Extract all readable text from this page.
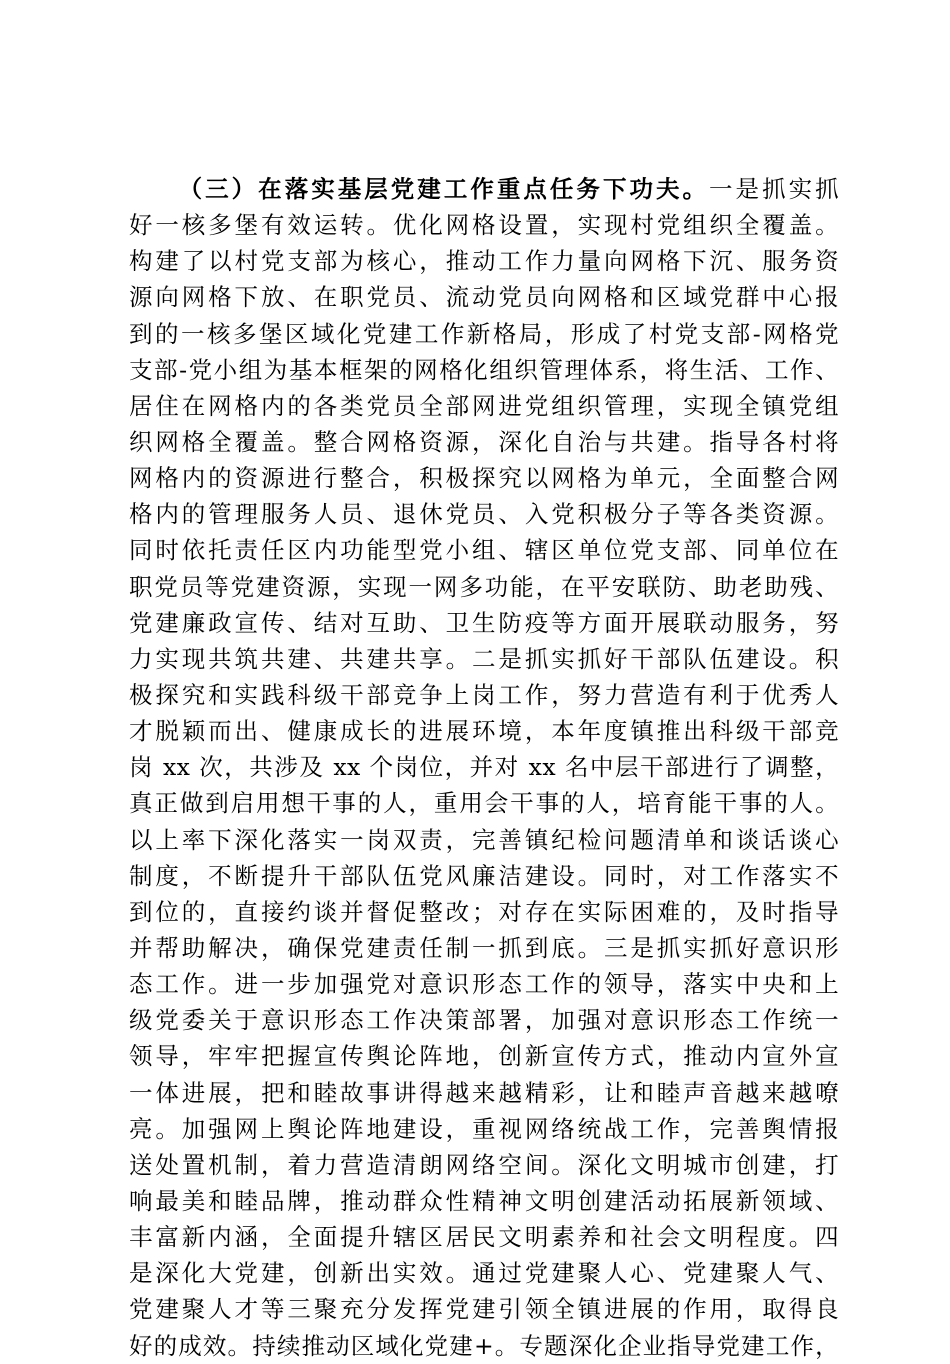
（三）在落实基层党建工作重点任务下功夫。一是抓实抓
好一核多堡有效运转。优化网格设置，实现村党组织全覆盖。
构建了以村党支部为核心，推动工作力量向网格下沉、服务资
源向网格下放、在职党员、流动党员向网格和区域党群中心报
到的一核多堡区域化党建工作新格局，形成了村党支部-网格党
支部-党小组为基本框架的网格化组织管理体系，将生活、工作、
居住在网格内的各类党员全部网进党组织管理，实现全镇党组
织网格全覆盖。整合网格资源，深化自治与共建。指导各村将
网格内的资源进行整合，积极探究以网格为单元，全面整合网
格内的管理服务人员、退休党员、入党积极分子等各类资源。
同时依托责任区内功能型党小组、辖区单位党支部、同单位在
职党员等党建资源，实现一网多功能，在平安联防、助老助残、
党建廉政宣传、结对互助、卫生防疫等方面开展联动服务，努
力实现共筑共建、共建共享。二是抓实抓好干部队伍建设。积
极探究和实践科级干部竞争上岗工作，努力营造有利于优秀人
才脱颖而出、健康成长的进展环境，本年度镇推出科级干部竞
岗 xx 次，共涉及 xx 个岗位，并对 xx 名中层干部进行了调整，
真正做到启用想干事的人，重用会干事的人，培育能干事的人。
以上率下深化落实一岗双责，完善镇纪检问题清单和谈话谈心
制度，不断提升干部队伍党风廉洁建设。同时，对工作落实不
到位的，直接约谈并督促整改；对存在实际困难的，及时指导
并帮助解决，确保党建责任制一抓到底。三是抓实抓好意识形
态工作。进一步加强党对意识形态工作的领导，落实中央和上
级党委关于意识形态工作决策部署，加强对意识形态工作统一
领导，牢牢把握宣传舆论阵地，创新宣传方式，推动内宣外宣
一体进展，把和睦故事讲得越来越精彩，让和睦声音越来越嘹
亮。加强网上舆论阵地建设，重视网络统战工作，完善舆情报
送处置机制，着力营造清朗网络空间。深化文明城市创建，打
响最美和睦品牌，推动群众性精神文明创建活动拓展新领域、
丰富新内涵，全面提升辖区居民文明素养和社会文明程度。四
是深化大党建，创新出实效。通过党建聚人心、党建聚人气、
党建聚人才等三聚充分发挥党建引领全镇进展的作用，取得良
好的成效。持续推动区域化党建+。专题深化企业指导党建工作，
